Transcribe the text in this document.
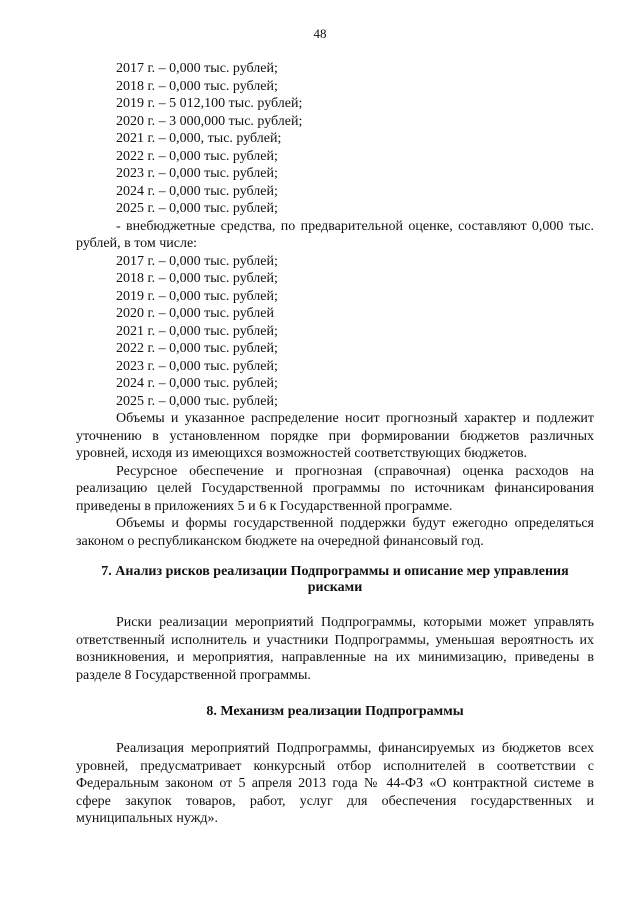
48
2017 г. – 0,000 тыс. рублей;
2018 г. – 0,000 тыс. рублей;
2019 г. – 5 012,100 тыс. рублей;
2020 г. – 3 000,000 тыс. рублей;
2021 г. – 0,000, тыс. рублей;
2022 г. – 0,000 тыс. рублей;
2023 г. – 0,000 тыс. рублей;
2024 г. – 0,000 тыс. рублей;
2025 г. – 0,000 тыс. рублей;

- внебюджетные средства, по предварительной оценке, составляют 0,000 тыс. рублей, в том числе:

2017 г. – 0,000 тыс. рублей;
2018 г. – 0,000 тыс. рублей;
2019 г. – 0,000 тыс. рублей;
2020 г. – 0,000 тыс. рублей
2021 г. – 0,000 тыс. рублей;
2022 г. – 0,000 тыс. рублей;
2023 г. – 0,000 тыс. рублей;
2024 г. – 0,000 тыс. рублей;
2025 г. – 0,000 тыс. рублей;

Объемы и указанное распределение носит прогнозный характер и подлежит уточнению в установленном порядке при формировании бюджетов различных уровней, исходя из имеющихся возможностей соответствующих бюджетов.

Ресурсное обеспечение и прогнозная (справочная) оценка расходов на реализацию целей Государственной программы по источникам финансирования приведены в приложениях 5 и 6 к Государственной программе.

Объемы и формы государственной поддержки будут ежегодно определяться законом о республиканском бюджете на очередной финансовый год.

7. Анализ рисков реализации Подпрограммы и описание мер управления рисками

Риски реализации мероприятий Подпрограммы, которыми может управлять ответственный исполнитель и участники Подпрограммы, уменьшая вероятность их возникновения, и мероприятия, направленные на их минимизацию, приведены в разделе 8 Государственной программы.

8. Механизм реализации Подпрограммы

Реализация мероприятий Подпрограммы, финансируемых из бюджетов всех уровней, предусматривает конкурсный отбор исполнителей в соответствии с Федеральным законом от 5 апреля 2013 года № 44-ФЗ «О контрактной системе в сфере закупок товаров, работ, услуг для обеспечения государственных и муниципальных нужд».
